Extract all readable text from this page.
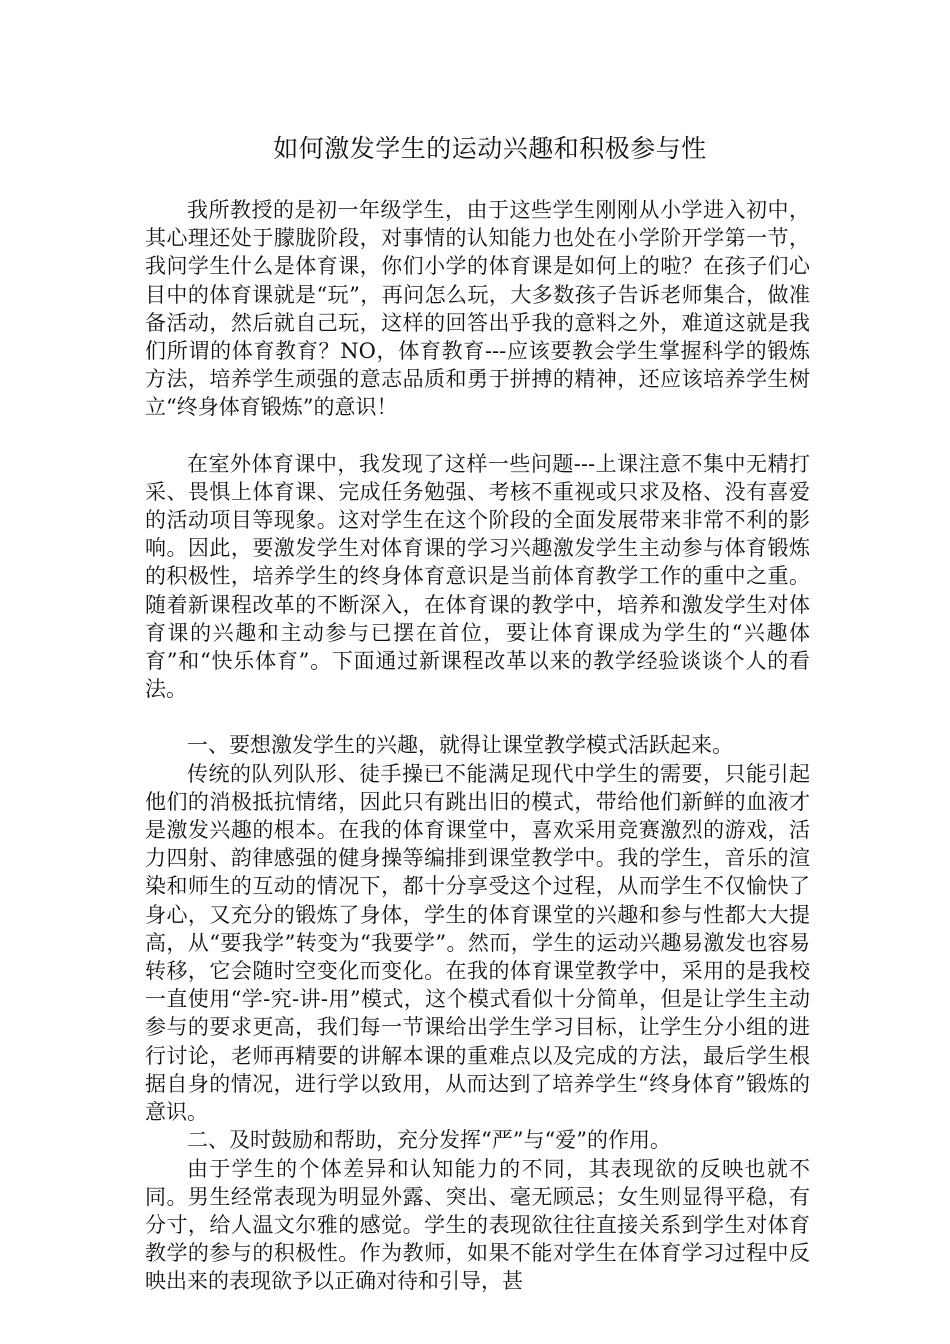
如何激发学生的运动兴趣和积极参与性

我所教授的是初一年级学生，由于这些学生刚刚从小学进入初中，其心理还处于朦胧阶段，对事情的认知能力也处在小学阶开学第一节，我问学生什么是体育课，你们小学的体育课是如何上的啦？在孩子们心目中的体育课就是“玩”，再问怎么玩，大多数孩子告诉老师集合，做准备活动，然后就自己玩，这样的回答出乎我的意料之外，难道这就是我们所谓的体育教育？NO，体育教育---应该要教会学生掌握科学的锻炼方法，培养学生顽强的意志品质和勇于拼搏的精神，还应该培养学生树立“终身体育锻炼”的意识！

在室外体育课中，我发现了这样一些问题---上课注意不集中无精打采、畏惧上体育课、完成任务勉强、考核不重视或只求及格、没有喜爱的活动项目等现象。这对学生在这个阶段的全面发展带来非常不利的影响。因此，要激发学生对体育课的学习兴趣激发学生主动参与体育锻炼的积极性，培养学生的终身体育意识是当前体育教学工作的重中之重。随着新课程改革的不断深入，在体育课的教学中，培养和激发学生对体育课的兴趣和主动参与已摆在首位，要让体育课成为学生的“兴趣体育”和“快乐体育”。下面通过新课程改革以来的教学经验谈谈个人的看法。

一、要想激发学生的兴趣，就得让课堂教学模式活跃起来。

传统的队列队形、徒手操已不能满足现代中学生的需要，只能引起他们的消极抵抗情绪，因此只有跳出旧的模式，带给他们新鲜的血液才是激发兴趣的根本。在我的体育课堂中，喜欢采用竞赛激烈的游戏，活力四射、韵律感强的健身操等编排到课堂教学中。我的学生，音乐的渲染和师生的互动的情况下，都十分享受这个过程，从而学生不仅愉快了身心，又充分的锻炼了身体，学生的体育课堂的兴趣和参与性都大大提高，从“要我学”转变为“我要学”。然而，学生的运动兴趣易激发也容易转移，它会随时空变化而变化。在我的体育课堂教学中，采用的是我校一直使用“学-究-讲-用”模式，这个模式看似十分简单，但是让学生主动参与的要求更高，我们每一节课给出学生学习目标，让学生分小组的进行讨论，老师再精要的讲解本课的重难点以及完成的方法，最后学生根据自身的情况，进行学以致用，从而达到了培养学生“终身体育”锻炼的意识。

二、及时鼓励和帮助，充分发挥“严”与“爱”的作用。

由于学生的个体差异和认知能力的不同，其表现欲的反映也就不同。男生经常表现为明显外露、突出、毫无顾忌；女生则显得平稳，有分寸，给人温文尔雅的感觉。学生的表现欲往往直接关系到学生对体育教学的参与的积极性。作为教师，如果不能对学生在体育学习过程中反映出来的表现欲予以正确对待和引导，甚
